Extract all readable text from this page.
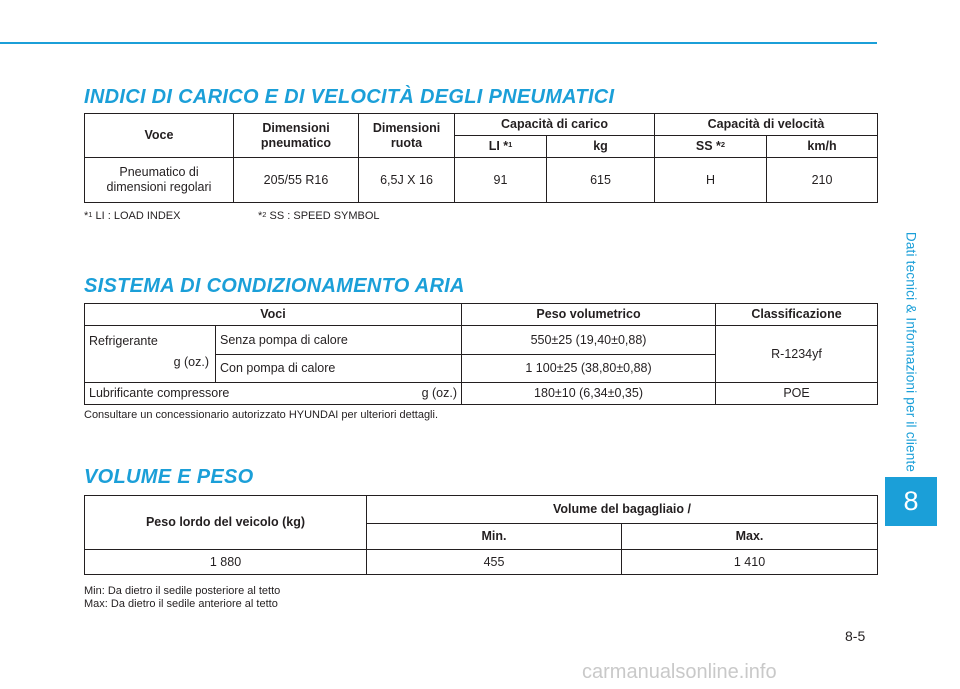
Dati tecnici & Informazioni per il cliente
8
INDICI DI CARICO E DI VELOCITÀ DEGLI PNEUMATICI
Voce	Dimensioni pneumatico	Dimensioni ruota	Capacità di carico		Capacità di velocità	
			LI *$^1$	kg	SS *$^2$	km/h
Pneumatico di dimensioni regolari	205/55 R16	6,5J X 16	91	615	H	210
*$^1$ LI : LOAD INDEX	*$^2$ SS : SPEED SYMBOL
SISTEMA DI CONDIZIONAMENTO ARIA
Voci		Peso volumetrico	Classificazione

Refrigerante
g (oz.)	Senza pompa di calore	550±25 (19,40±0,88)	R-1234yf
	Con pompa di calore	1 100±25 (38,80±0,88)	

Lubrificante compressore g (oz.)		180±10 (6,34±0,35)	POE
Consultare un concessionario autorizzato HYUNDAI per ulteriori dettagli.
VOLUME E PESO
Peso lordo del veicolo (kg)	Volume del bagagliaio /	
	Min.	Max.
1 880	455	1 410
Min: Da dietro il sedile posteriore al tetto
Max: Da dietro il sedile anteriore al tetto
8-5
carmanualsonline.info
